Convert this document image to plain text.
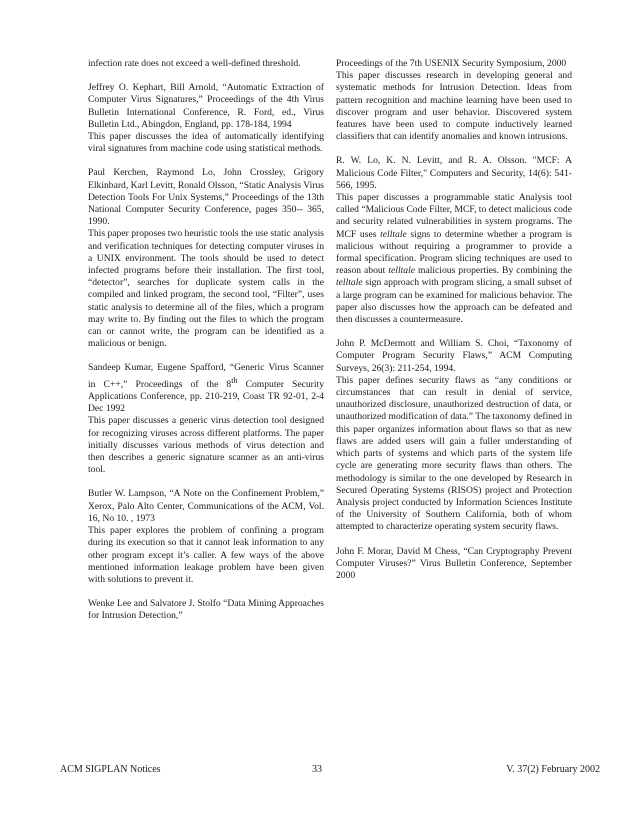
infection rate does not exceed a well-defined threshold.

Jeffrey O. Kephart, Bill Arnold, “Automatic Extraction of Computer Virus Signatures,” Proceedings of the 4th Virus Bulletin International Conference, R. Ford, ed., Virus Bulletin Ltd., Abingdon, England, pp. 178-184, 1994

This paper discusses the idea of automatically identifying viral signatures from machine code using statistical methods.

Paul Kerchen, Raymond Lo, John Crossley, Grigory Elkinbard, Karl Levitt, Ronald Olsson, “Static Analysis Virus Detection Tools For Unix Systems,” Proceedings of the 13th National Computer Security Conference, pages 350-- 365, 1990.

This paper proposes two heuristic tools the use static analysis and verification techniques for detecting computer viruses in a UNIX environment. The tools should be used to detect infected programs before their installation. The first tool, “detector”, searches for duplicate system calls in the compiled and linked program, the second tool, “Filter”, uses static analysis to determine all of the files, which a program may write to. By finding out the files to which the program can or cannot write, the program can be identified as a malicious or benign.

Sandeep Kumar, Eugene Spafford, “Generic Virus Scanner in C++,” Proceedings of the 8th Computer Security Applications Conference, pp. 210-219, Coast TR 92-01, 2-4 Dec 1992

This paper discusses a generic virus detection tool designed for recognizing viruses across different platforms. The paper initially discusses various methods of virus detection and then describes a generic signature scanner as an anti-virus tool.

Butler W. Lampson, “A Note on the Confinement Problem,” Xerox, Palo Alto Center, Communications of the ACM, Vol. 16, No 10. , 1973

This paper explores the problem of confining a program during its execution so that it cannot leak information to any other program except it’s caller. A few ways of the above mentioned information leakage problem have been given with solutions to prevent it.

Wenke Lee and Salvatore J. Stolfo “Data Mining Approaches for Intrusion Detection,”

Proceedings of the 7th USENIX Security Symposium, 2000

This paper discusses research in developing general and systematic methods for Intrusion Detection. Ideas from pattern recognition and machine learning have been used to discover program and user behavior. Discovered system features have been used to compute inductively learned classifiers that can identify anomalies and known intrusions.

R. W. Lo, K. N. Levitt, and R. A. Olsson. "MCF: A Malicious Code Filter," Computers and Security, 14(6): 541-566, 1995.

This paper discusses a programmable static Analysis tool called “Malicious Code Filter, MCF, to detect malicious code and security related vulnerabilities in system programs. The MCF uses telltale signs to determine whether a program is malicious without requiring a programmer to provide a formal specification. Program slicing techniques are used to reason about telltale malicious properties. By combining the telltale sign approach with program slicing, a small subset of a large program can be examined for malicious behavior. The paper also discusses how the approach can be defeated and then discusses a countermeasure.

John P. McDermott and William S. Choi, “Taxonomy of Computer Program Security Flaws,” ACM Computing Surveys, 26(3): 211-254, 1994.

This paper defines security flaws as “any conditions or circumstances that can result in denial of service, unauthorized disclosure, unauthorized destruction of data, or unauthorized modification of data.” The taxonomy defined in this paper organizes information about flaws so that as new flaws are added users will gain a fuller understanding of which parts of systems and which parts of the system life cycle are generating more security flaws than others. The methodology is similar to the one developed by Research in Secured Operating Systems (RISOS) project and Protection Analysis project conducted by Information Sciences Institute of the University of Southern California, both of whom attempted to characterize operating system security flaws.

John F. Morar, David M Chess, “Can Cryptography Prevent Computer Viruses?” Virus Bulletin Conference, September 2000

ACM SIGPLAN Notices	33	V. 37(2) February 2002
